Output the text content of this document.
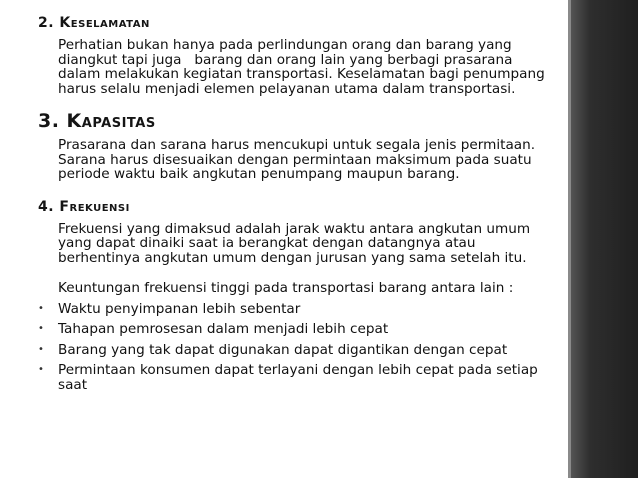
2. Keselamatan

Perhatian bukan hanya pada perlindungan orang dan barang yang
diangkut tapi juga   barang dan orang lain yang berbagi prasarana
dalam melakukan kegiatan transportasi. Keselamatan bagi penumpang
harus selalu menjadi elemen pelayanan utama dalam transportasi.

3. Kapasitas

Prasarana dan sarana harus mencukupi untuk segala jenis permitaan.
Sarana harus disesuaikan dengan permintaan maksimum pada suatu
periode waktu baik angkutan penumpang maupun barang.

4. Frekuensi

Frekuensi yang dimaksud adalah jarak waktu antara angkutan umum
yang dapat dinaiki saat ia berangkat dengan datangnya atau
berhentinya angkutan umum dengan jurusan yang sama setelah itu.

Keuntungan frekuensi tinggi pada transportasi barang antara lain :

•	Waktu penyimpanan lebih sebentar
•	Tahapan pemrosesan dalam menjadi lebih cepat
•	Barang yang tak dapat digunakan dapat digantikan dengan cepat
•	Permintaan konsumen dapat terlayani dengan lebih cepat pada setiap
saat
